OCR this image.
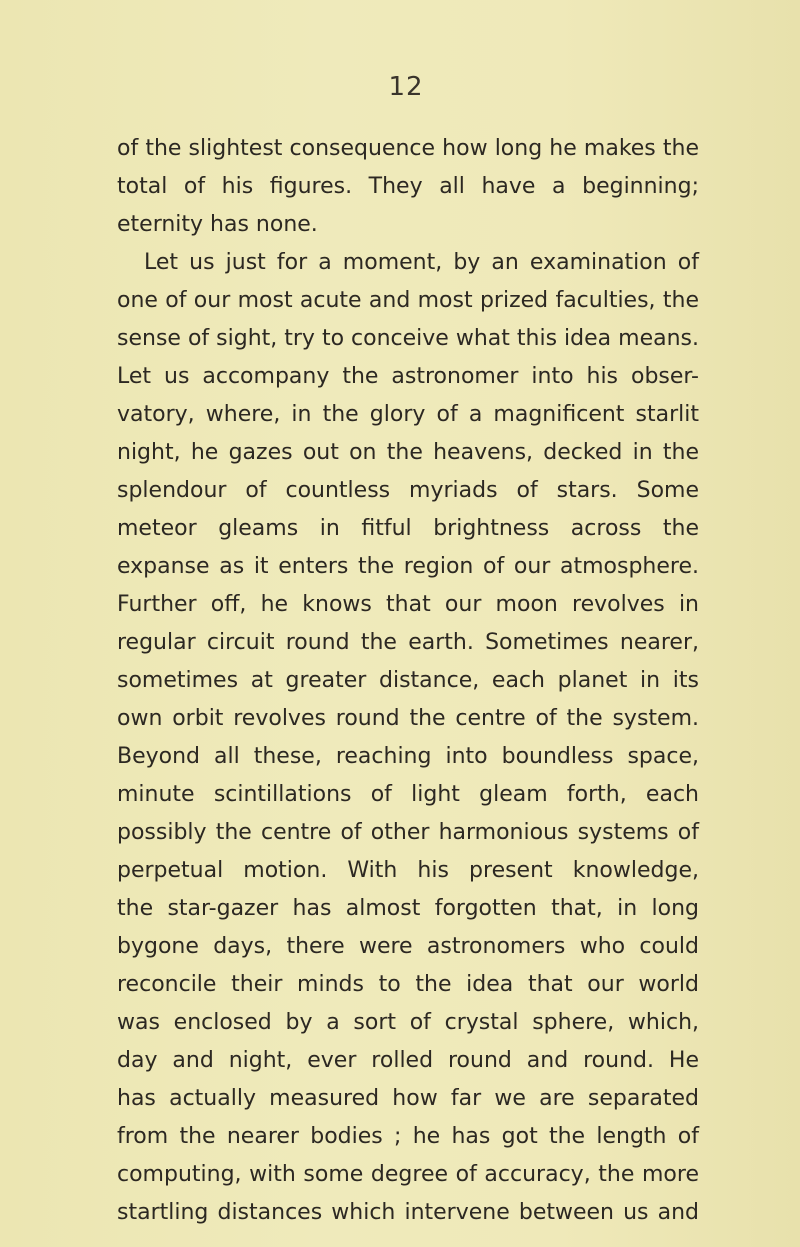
12
of the slightest consequence how long he makes the
total of his figures. They all have a beginning;
eternity has none.
Let us just for a moment, by an examination of
one of our most acute and most prized faculties, the
sense of sight, try to conceive what this idea means.
Let us accompany the astronomer into his obser-
vatory, where, in the glory of a magnificent starlit
night, he gazes out on the heavens, decked in the
splendour of countless myriads of stars. Some
meteor gleams in fitful brightness across the
expanse as it enters the region of our atmosphere.
Further off, he knows that our moon revolves in
regular circuit round the earth. Sometimes nearer,
sometimes at greater distance, each planet in its
own orbit revolves round the centre of the system.
Beyond all these, reaching into boundless space,
minute scintillations of light gleam forth, each
possibly the centre of other harmonious systems of
perpetual motion. With his present knowledge,
the star-gazer has almost forgotten that, in long
bygone days, there were astronomers who could
reconcile their minds to the idea that our world
was enclosed by a sort of crystal sphere, which,
day and night, ever rolled round and round. He
has actually measured how far we are separated
from the nearer bodies ; he has got the length of
computing, with some degree of accuracy, the more
startling distances which intervene between us and
